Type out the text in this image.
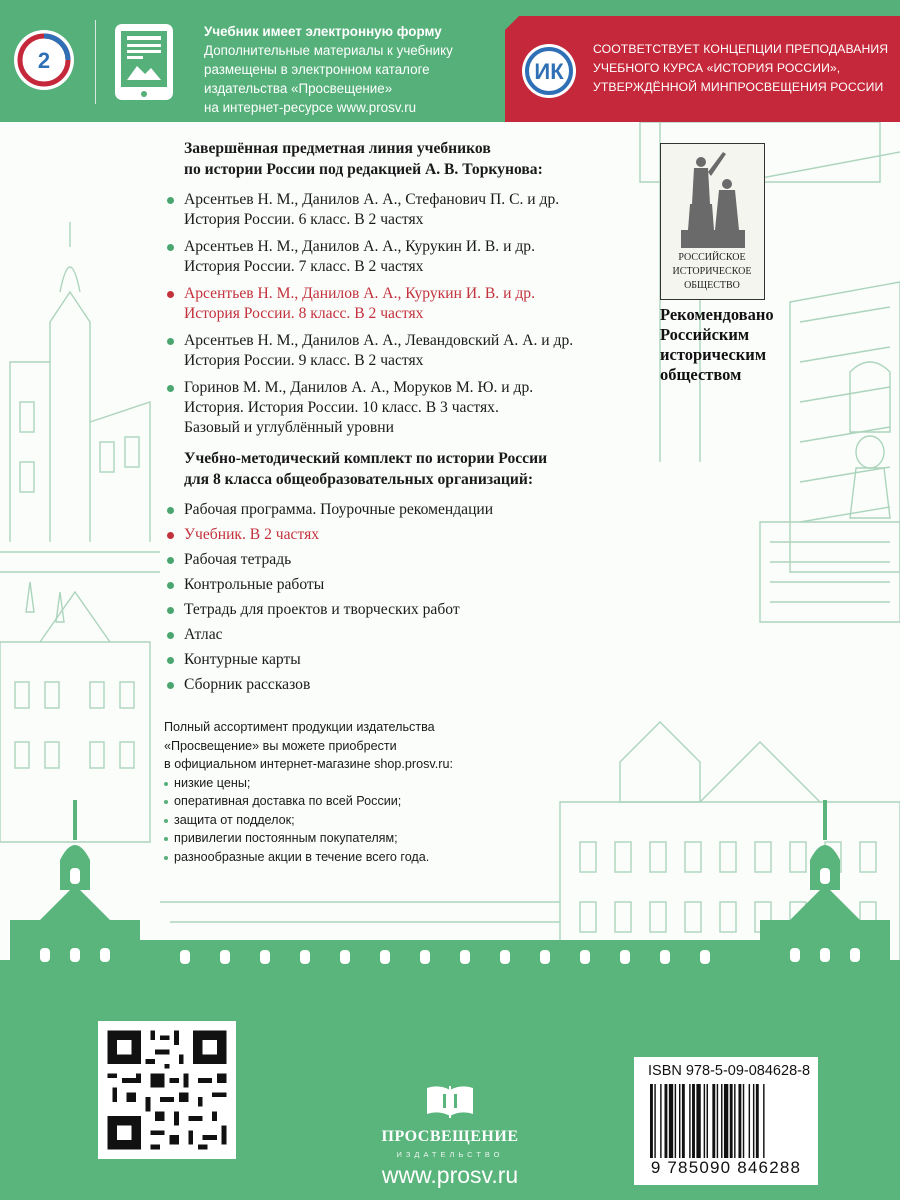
2
Учебник имеет электронную форму
Дополнительные материалы к учебнику
размещены в электронном каталоге
издательства «Просвещение»
на интернет-ресурсе www.prosv.ru
ИК
СООТВЕТСТВУЕТ КОНЦЕПЦИИ ПРЕПОДАВАНИЯ
УЧЕБНОГО КУРСА «ИСТОРИЯ РОССИИ»,
УТВЕРЖДЁННОЙ МИНПРОСВЕЩЕНИЯ РОССИИ
Завершённая предметная линия учебников
по истории России под редакцией А. В. Торкунова:
Арсентьев Н. М., Данилов А. А., Стефанович П. С. и др.
История России. 6 класс. В 2 частях
Арсентьев Н. М., Данилов А. А., Курукин И. В. и др.
История России. 7 класс. В 2 частях
Арсентьев Н. М., Данилов А. А., Курукин И. В. и др.
История России. 8 класс. В 2 частях
Арсентьев Н. М., Данилов А. А., Левандовский А. А. и др.
История России. 9 класс. В 2 частях
Горинов М. М., Данилов А. А., Моруков М. Ю. и др.
История. История России. 10 класс. В 3 частях.
Базовый и углублённый уровни
Учебно-методический комплект по истории России
для 8 класса общеобразовательных организаций:
Рабочая программа. Поурочные рекомендации
Учебник. В 2 частях
Рабочая тетрадь
Контрольные работы
Тетрадь для проектов и творческих работ
Атлас
Контурные карты
Сборник рассказов
РОССИЙСКОЕ
ИСТОРИЧЕСКОЕ
ОБЩЕСТВО
Рекомендовано
Российским
историческим
обществом
Полный ассортимент продукции издательства
«Просвещение» вы можете приобрести
в официальном интернет-магазине shop.prosv.ru:
низкие цены;
оперативная доставка по всей России;
защита от подделок;
привилегии постоянным покупателям;
разнообразные акции в течение всего года.
ПРОСВЕЩЕНИЕ
ИЗДАТЕЛЬСТВО
www.prosv.ru
ISBN 978-5-09-084628-8
9 785090 846288
